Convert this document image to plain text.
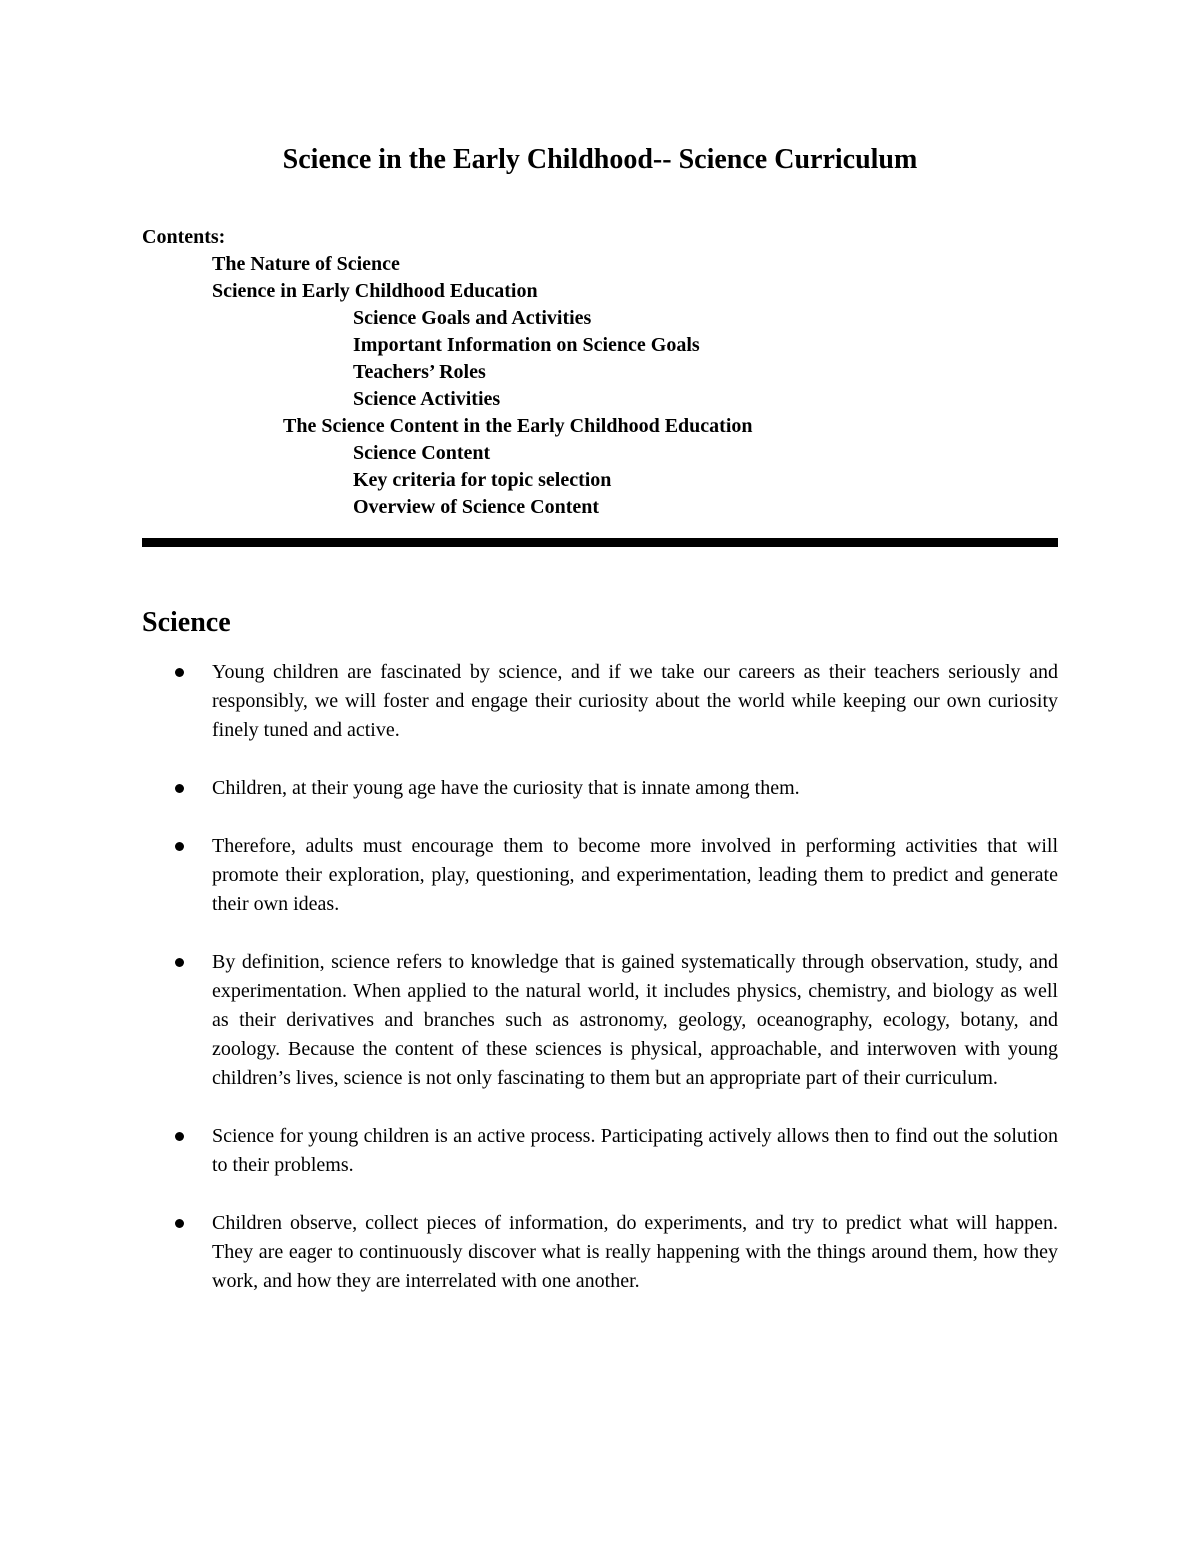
Science in the Early Childhood-- Science Curriculum

Contents:

The Nature of Science
Science in Early Childhood Education
Science Goals and Activities
Important Information on Science Goals
Teachers’ Roles
Science Activities
The Science Content in the Early Childhood Education
Science Content
Key criteria for topic selection
Overview of Science Content
Science
Young children are fascinated by science, and if we take our careers as their teachers seriously and responsibly, we will foster and engage their curiosity about the world while keeping our own curiosity finely tuned and active.
Children, at their young age have the curiosity that is innate among them.
Therefore, adults must encourage them to become more involved in performing activities that will promote their exploration, play, questioning, and experimentation, leading them to predict and generate their own ideas.
By definition, science refers to knowledge that is gained systematically through observation, study, and experimentation. When applied to the natural world, it includes physics, chemistry, and biology as well as their derivatives and branches such as astronomy, geology, oceanography, ecology, botany, and zoology. Because the content of these sciences is physical, approachable, and interwoven with young children’s lives, science is not only fascinating to them but an appropriate part of their curriculum.
Science for young children is an active process. Participating actively allows then to find out the solution to their problems.
Children observe, collect pieces of information, do experiments, and try to predict what will happen. They are eager to continuously discover what is really happening with the things around them, how they work, and how they are interrelated with one another.
